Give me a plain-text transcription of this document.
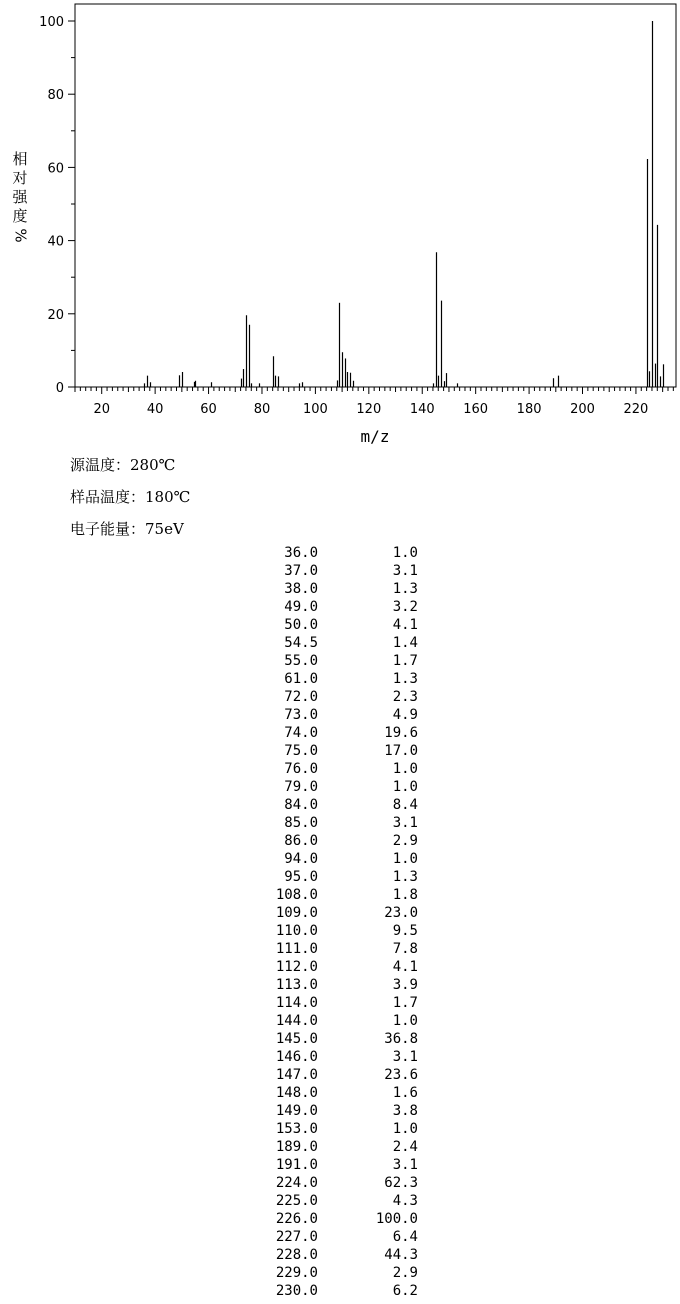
20	40	60	80	100 120 140 160 180 200 220
0
20
40
60
80
100
m/z
相
对
强
度
%
源温度：280℃
样品温度：180℃
电子能量：75eV
36.0	1.0
37.0	3.1
38.0	1.3
49.0	3.2
50.0	4.1
54.5	1.4
55.0	1.7
61.0	1.3
72.0	2.3
73.0	4.9
74.0	19.6
75.0	17.0
76.0	1.0
79.0	1.0
84.0	8.4
85.0	3.1
86.0	2.9
94.0	1.0
95.0	1.3
108.0	1.8
109.0	23.0
110.0	9.5
111.0	7.8
112.0	4.1
113.0	3.9
114.0	1.7
144.0	1.0
145.0	36.8
146.0	3.1
147.0	23.6
148.0	1.6
149.0	3.8
153.0	1.0
189.0	2.4
191.0	3.1
224.0	62.3
225.0	4.3
226.0	100.0
227.0	6.4
228.0	44.3
229.0	2.9
230.0	6.2
